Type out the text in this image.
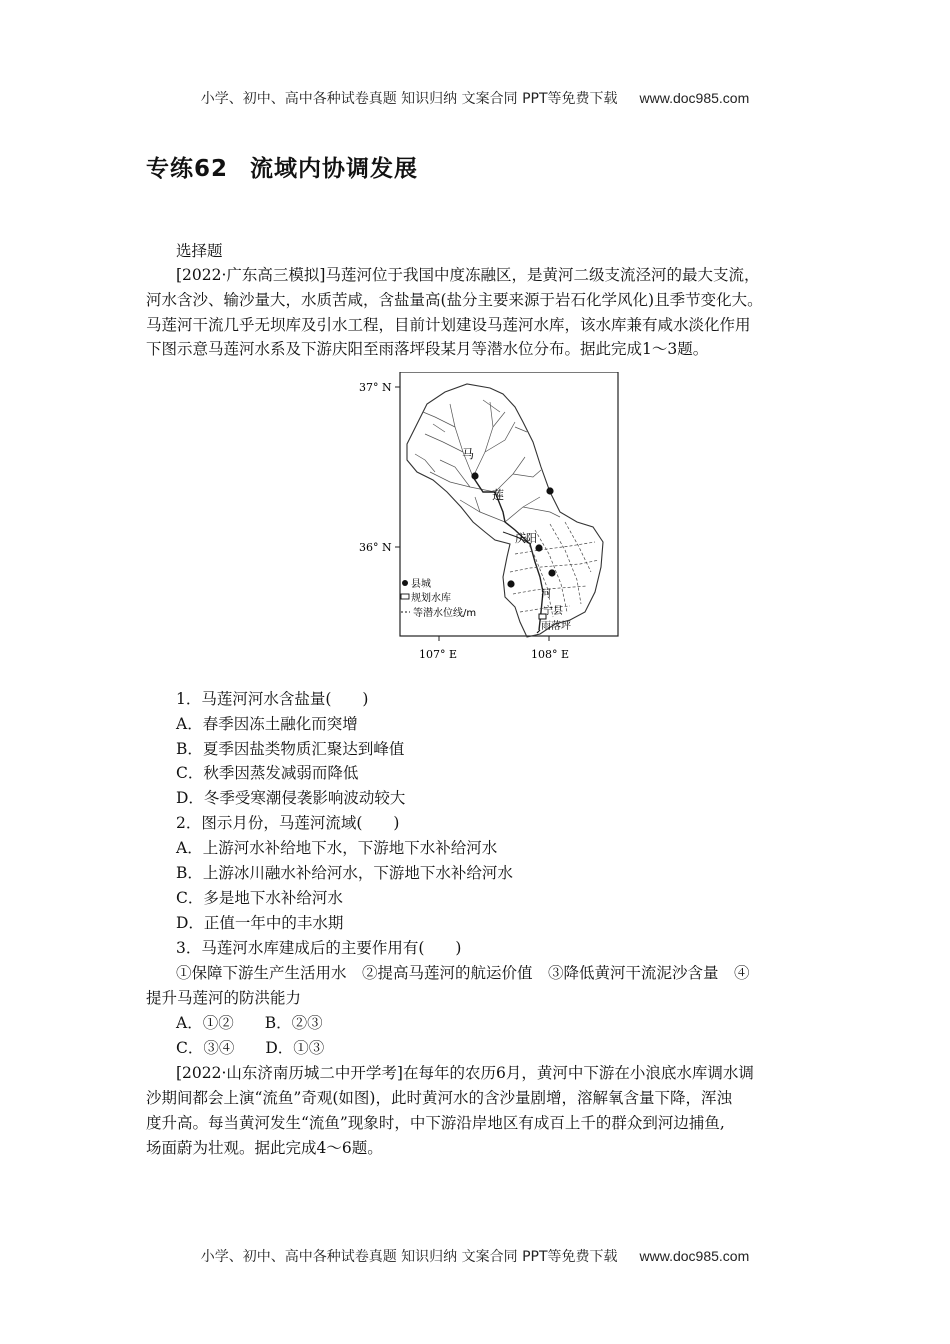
小学、初中、高中各种试卷真题 知识归纳 文案合同 PPT等免费下载 www.doc985.com
专练62 流域内协调发展
选择题
[2022·广东高三模拟]马莲河位于我国中度冻融区，是黄河二级支流泾河的最大支流，
河水含沙、输沙量大，水质苦咸，含盐量高(盐分主要来源于岩石化学风化)且季节变化大。
马莲河干流几乎无坝库及引水工程，目前计划建设马莲河水库，该水库兼有咸水淡化作用
下图示意马莲河水系及下游庆阳至雨落坪段某月等潜水位分布。据此完成1～3题。
37° N
36° N
107° E	108° E
马
莲
河
庆阳
宁县
雨落坪
县城
规划水库
等潜水位线/m
1．马莲河河水含盐量(　　)
A．春季因冻土融化而突增
B．夏季因盐类物质汇聚达到峰值
C．秋季因蒸发减弱而降低
D．冬季受寒潮侵袭影响波动较大
2．图示月份，马莲河流域(　　)
A．上游河水补给地下水，下游地下水补给河水
B．上游冰川融水补给河水，下游地下水补给河水
C．多是地下水补给河水
D．正值一年中的丰水期
3．马莲河水库建成后的主要作用有(　　)
①保障下游生产生活用水　②提高马莲河的航运价值　③降低黄河干流泥沙含量　④
提升马莲河的防洪能力
A．①②　　B．②③
C．③④　　D．①③
[2022·山东济南历城二中开学考]在每年的农历6月，黄河中下游在小浪底水库调水调
沙期间都会上演“流鱼”奇观(如图)，此时黄河水的含沙量剧增，溶解氧含量下降，浑浊
度升高。每当黄河发生“流鱼”现象时，中下游沿岸地区有成百上千的群众到河边捕鱼,
场面蔚为壮观。据此完成4～6题。
小学、初中、高中各种试卷真题 知识归纳 文案合同 PPT等免费下载 www.doc985.com
